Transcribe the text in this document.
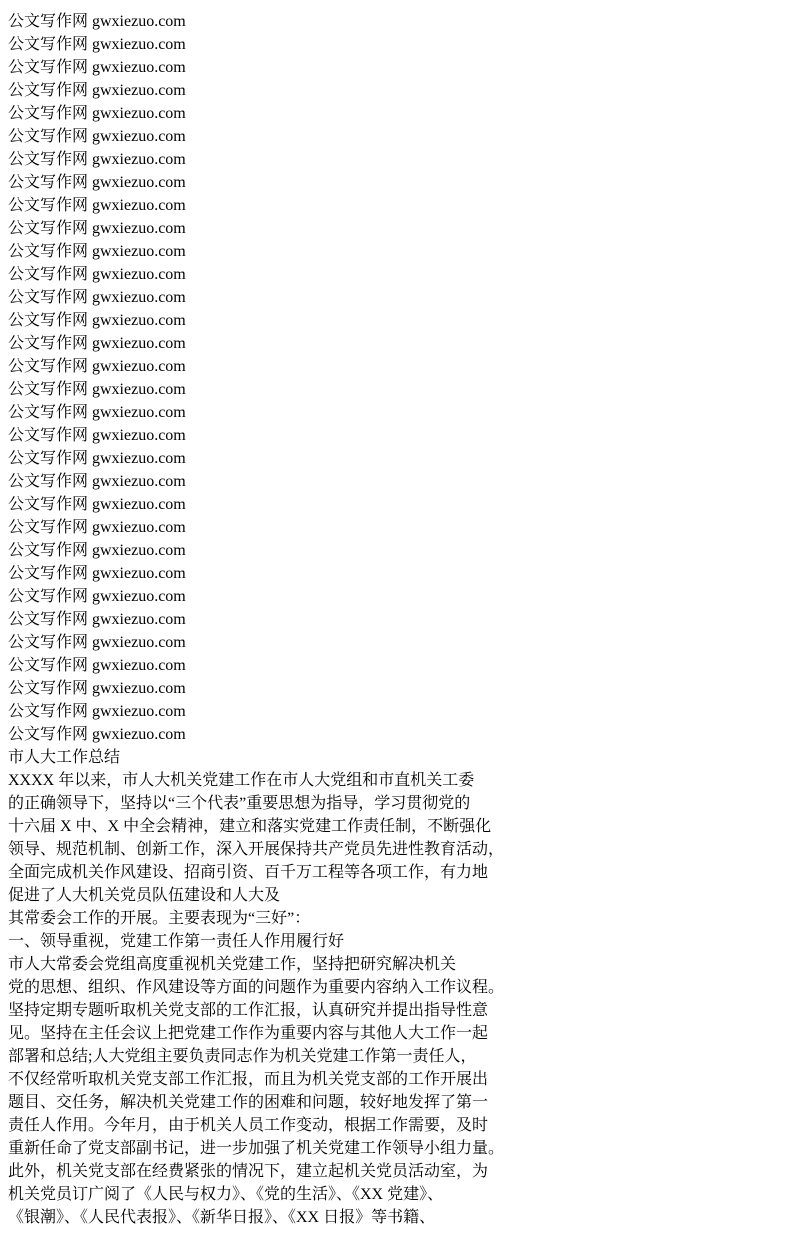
公文写作网 gwxiezuo.com
公文写作网 gwxiezuo.com
公文写作网 gwxiezuo.com
公文写作网 gwxiezuo.com
公文写作网 gwxiezuo.com
公文写作网 gwxiezuo.com
公文写作网 gwxiezuo.com
公文写作网 gwxiezuo.com
公文写作网 gwxiezuo.com
公文写作网 gwxiezuo.com
公文写作网 gwxiezuo.com
公文写作网 gwxiezuo.com
公文写作网 gwxiezuo.com
公文写作网 gwxiezuo.com
公文写作网 gwxiezuo.com
公文写作网 gwxiezuo.com
公文写作网 gwxiezuo.com
公文写作网 gwxiezuo.com
公文写作网 gwxiezuo.com
公文写作网 gwxiezuo.com
公文写作网 gwxiezuo.com
公文写作网 gwxiezuo.com
公文写作网 gwxiezuo.com
公文写作网 gwxiezuo.com
公文写作网 gwxiezuo.com
公文写作网 gwxiezuo.com
公文写作网 gwxiezuo.com
公文写作网 gwxiezuo.com
公文写作网 gwxiezuo.com
公文写作网 gwxiezuo.com
公文写作网 gwxiezuo.com
公文写作网 gwxiezuo.com
市人大工作总结
XXXX 年以来，市人大机关党建工作在市人大党组和市直机关工委
的正确领导下，坚持以“三个代表”重要思想为指导，学习贯彻党的
十六届 X 中、X 中全会精神，建立和落实党建工作责任制，不断强化
领导、规范机制、创新工作，深入开展保持共产党员先进性教育活动，
全面完成机关作风建设、招商引资、百千万工程等各项工作，有力地
促进了人大机关党员队伍建设和人大及
其常委会工作的开展。主要表现为“三好”：
一、领导重视，党建工作第一责任人作用履行好
市人大常委会党组高度重视机关党建工作，坚持把研究解决机关
党的思想、组织、作风建设等方面的问题作为重要内容纳入工作议程。
坚持定期专题听取机关党支部的工作汇报，认真研究并提出指导性意
见。坚持在主任会议上把党建工作作为重要内容与其他人大工作一起
部署和总结;人大党组主要负责同志作为机关党建工作第一责任人，
不仅经常听取机关党支部工作汇报，而且为机关党支部的工作开展出
题目、交任务，解决机关党建工作的困难和问题，较好地发挥了第一
责任人作用。今年月，由于机关人员工作变动，根据工作需要，及时
重新任命了党支部副书记，进一步加强了机关党建工作领导小组力量。
此外，机关党支部在经费紧张的情况下，建立起机关党员活动室，为
机关党员订广阅了《人民与权力》、《党的生活》、《XX 党建》、
《银潮》、《人民代表报》、《新华日报》、《XX 日报》等书籍、
